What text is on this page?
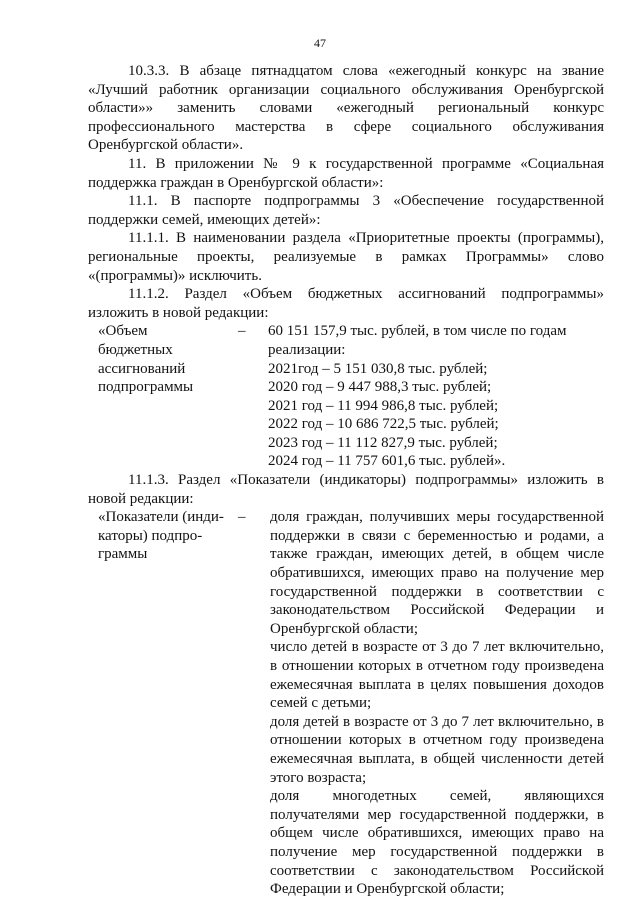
47

10.3.3. В абзаце пятнадцатом слова «ежегодный конкурс на звание «Лучший работник организации социального обслуживания Оренбургской области»» заменить словами «ежегодный региональный конкурс профессионального мастерства в сфере социального обслуживания Оренбургской области».

11. В приложении № 9 к государственной программе «Социальная поддержка граждан в Оренбургской области»:

11.1. В паспорте подпрограммы 3 «Обеспечение государственной поддержки семей, имеющих детей»:

11.1.1. В наименовании раздела «Приоритетные проекты (программы), региональные проекты, реализуемые в рамках Программы» слово «(программы)» исключить.

11.1.2. Раздел «Объем бюджетных ассигнований подпрограммы» изложить в новой редакции:

«Объем
бюджетных
ассигнований
подпрограммы
–	60 151 157,9 тыс. рублей, в том числе по годам
реализации:
2021год – 5 151 030,8 тыс. рублей;
2020 год – 9 447 988,3 тыс. рублей;
2021 год – 11 994 986,8 тыс. рублей;
2022 год – 10 686 722,5 тыс. рублей;
2023 год – 11 112 827,9 тыс. рублей;
2024 год – 11 757 601,6 тыс. рублей».

11.1.3. Раздел «Показатели (индикаторы) подпрограммы» изложить в новой редакции:

«Показатели (инди-
каторы) подпро-
граммы
–	доля граждан, получивших меры государственной поддержки в связи с беременностью и родами, а также граждан, имеющих детей, в общем числе обратившихся, имеющих право на получение мер государственной поддержки в соответствии с законодательством Российской Федерации и Оренбургской области;
число детей в возрасте от 3 до 7 лет включительно, в отношении которых в отчетном году произведена ежемесячная выплата в целях повышения доходов семей с детьми;
доля детей в возрасте от 3 до 7 лет включительно, в отношении которых в отчетном году произведена ежемесячная выплата, в общей численности детей этого возраста;
доля многодетных семей, являющихся получателями мер государственной поддержки, в общем числе обратившихся, имеющих право на получение мер государственной поддержки в соответствии с законодательством Российской Федерации и Оренбургской области;
